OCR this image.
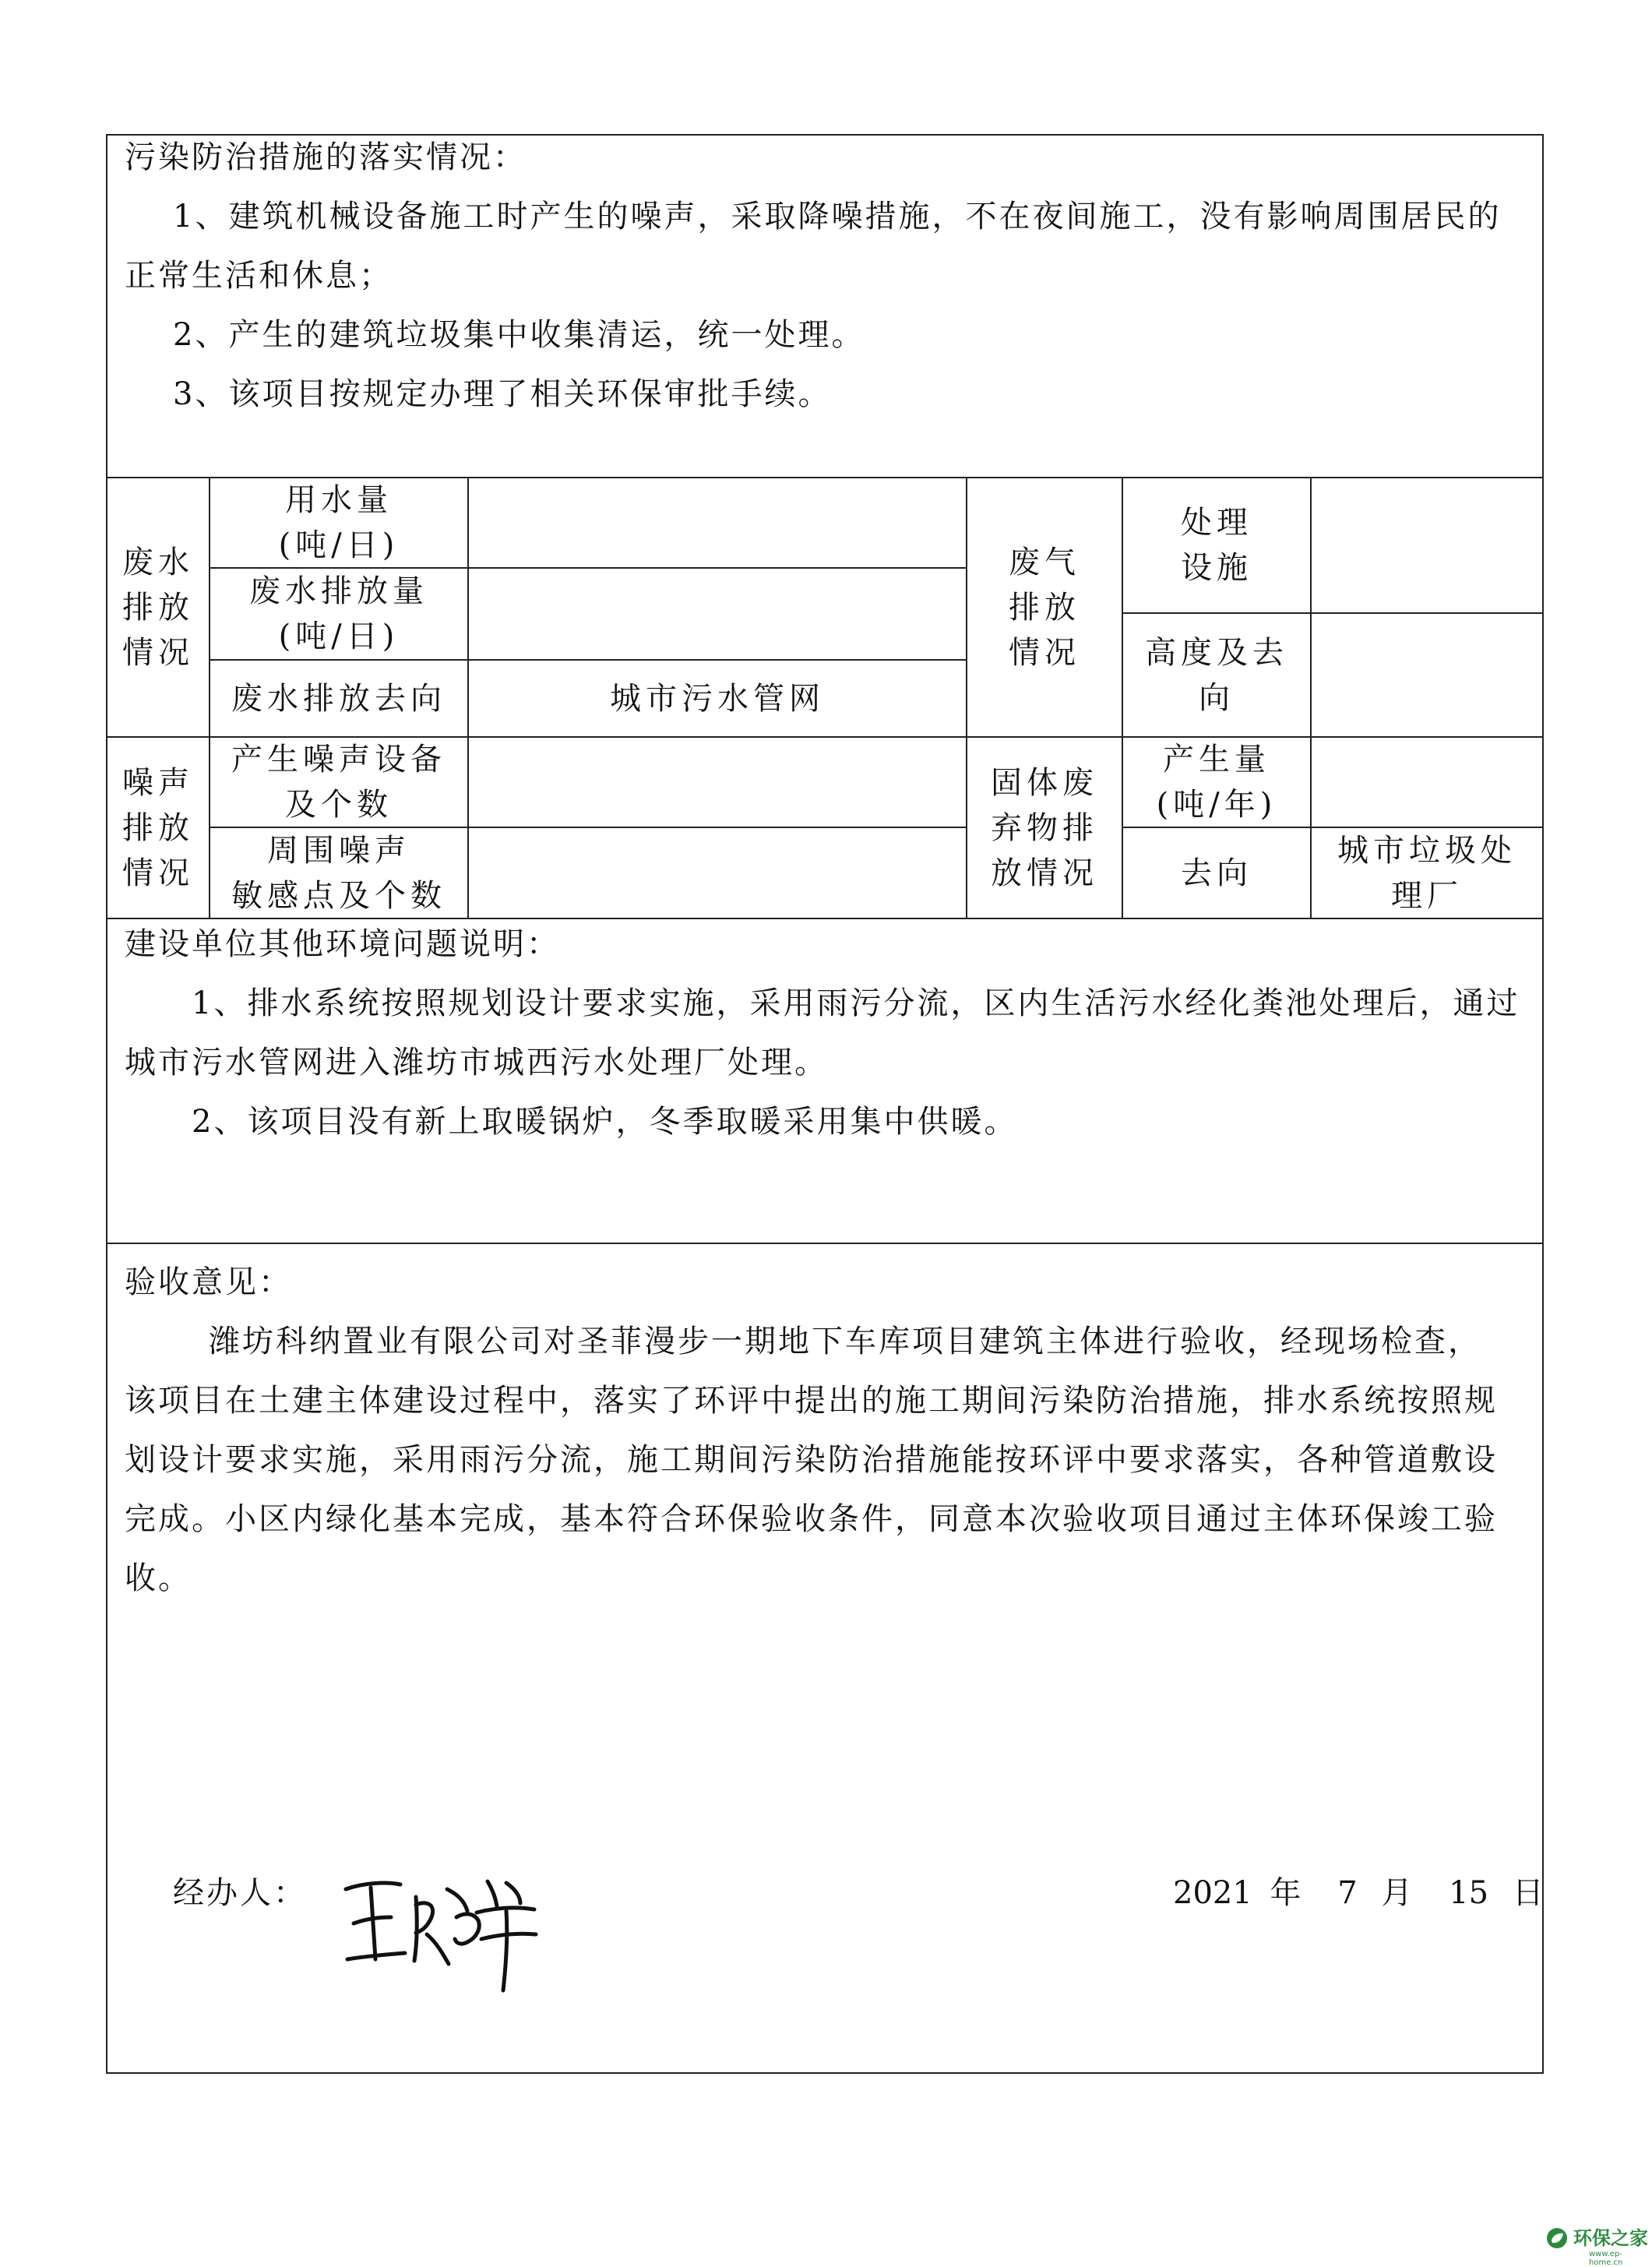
污染防治措施的落实情况：
1、建筑机械设备施工时产生的噪声，采取降噪措施，不在夜间施工，没有影响周围居民的
正常生活和休息；
2、产生的建筑垃圾集中收集清运，统一处理。
3、该项目按规定办理了相关环保审批手续。
废水
排放
情况
用水量
(吨/日)
废水排放量
(吨/日)
废水排放去向	城市污水管网
废气
排放
情况
处理
设施
高度及去
向
噪声
排放
情况
产生噪声设备
及个数
周围噪声
敏感点及个数
固体废
弃物排
放情况
产生量
(吨/年)
去向
城市垃圾处
理厂
建设单位其他环境问题说明：
1、排水系统按照规划设计要求实施，采用雨污分流，区内生活污水经化粪池处理后，通过
城市污水管网进入潍坊市城西污水处理厂处理。
2、该项目没有新上取暖锅炉，冬季取暖采用集中供暖。
验收意见：
潍坊科纳置业有限公司对圣菲漫步一期地下车库项目建筑主体进行验收，经现场检查，
该项目在土建主体建设过程中，落实了环评中提出的施工期间污染防治措施，排水系统按照规
划设计要求实施，采用雨污分流，施工期间污染防治措施能按环评中要求落实，各种管道敷设
完成。小区内绿化基本完成，基本符合环保验收条件，同意本次验收项目通过主体环保竣工验
收。
经办人：	2021 年 7 月 15 日
环保之家
www.ep-home.cn
